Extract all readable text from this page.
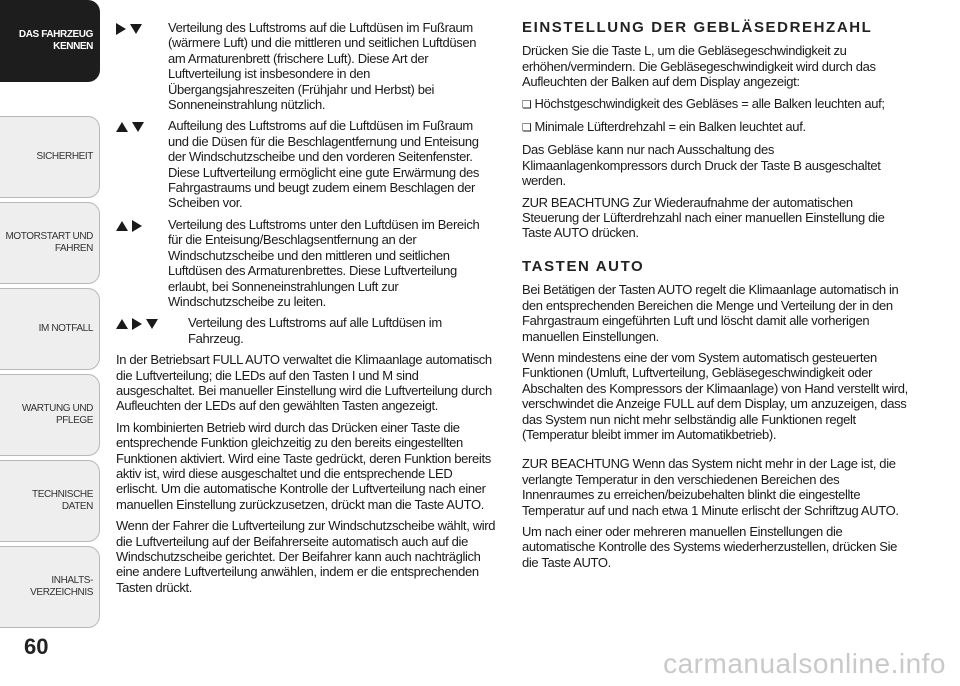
DAS FAHRZEUG KENNEN
SICHERHEIT
MOTORSTART UND FAHREN
IM NOTFALL
WARTUNG UND PFLEGE
TECHNISCHE DATEN
INHALTS-VERZEICHNIS
60
Verteilung des Luftstroms auf die Luftdüsen im Fußraum (wärmere Luft) und die mittleren und seitlichen Luftdüsen am Armaturenbrett (frischere Luft). Diese Art der Luftverteilung ist insbesondere in den Übergangsjahreszeiten (Frühjahr und Herbst) bei Sonneneinstrahlung nützlich.
Aufteilung des Luftstroms auf die Luftdüsen im Fußraum und die Düsen für die Beschlagentfernung und Enteisung der Windschutzscheibe und den vorderen Seitenfenster. Diese Luftverteilung ermöglicht eine gute Erwärmung des Fahrgastraums und beugt zudem einem Beschlagen der Scheiben vor.
Verteilung des Luftstroms unter den Luftdüsen im Bereich für die Enteisung/Beschlagsentfernung an der Windschutzscheibe und den mittleren und seitlichen Luftdüsen des Armaturenbrettes. Diese Luftverteilung erlaubt, bei Sonneneinstrahlungen Luft zur Windschutzscheibe zu leiten.
Verteilung des Luftstroms auf alle Luftdüsen im Fahrzeug.

In der Betriebsart FULL AUTO verwaltet die Klimaanlage automatisch die Luftverteilung; die LEDs auf den Tasten I und M sind ausgeschaltet. Bei manueller Einstellung wird die Luftverteilung durch Aufleuchten der LEDs auf den gewählten Tasten angezeigt.

Im kombinierten Betrieb wird durch das Drücken einer Taste die entsprechende Funktion gleichzeitig zu den bereits eingestellten Funktionen aktiviert. Wird eine Taste gedrückt, deren Funktion bereits aktiv ist, wird diese ausgeschaltet und die entsprechende LED erlischt. Um die automatische Kontrolle der Luftverteilung nach einer manuellen Einstellung zurückzusetzen, drückt man die Taste AUTO.

Wenn der Fahrer die Luftverteilung zur Windschutzscheibe wählt, wird die Luftverteilung auf der Beifahrerseite automatisch auch auf die Windschutzscheibe gerichtet. Der Beifahrer kann auch nachträglich eine andere Luftverteilung anwählen, indem er die entsprechenden Tasten drückt.

EINSTELLUNG DER GEBLÄSEDREHZAHL

Drücken Sie die Taste L, um die Gebläsegeschwindigkeit zu erhöhen/vermindern. Die Gebläsegeschwindigkeit wird durch das Aufleuchten der Balken auf dem Display angezeigt:

❏ Höchstgeschwindigkeit des Gebläses = alle Balken leuchten auf;

❏ Minimale Lüfterdrehzahl = ein Balken leuchtet auf.

Das Gebläse kann nur nach Ausschaltung des Klimaanlagenkompressors durch Druck der Taste B ausgeschaltet werden.

ZUR BEACHTUNG Zur Wiederaufnahme der automatischen Steuerung der Lüfterdrehzahl nach einer manuellen Einstellung die Taste AUTO drücken.

TASTEN AUTO

Bei Betätigen der Tasten AUTO regelt die Klimaanlage automatisch in den entsprechenden Bereichen die Menge und Verteilung der in den Fahrgastraum eingeführten Luft und löscht damit alle vorherigen manuellen Einstellungen.

Wenn mindestens eine der vom System automatisch gesteuerten Funktionen (Umluft, Luftverteilung, Gebläsegeschwindigkeit oder Abschalten des Kompressors der Klimaanlage) von Hand verstellt wird, verschwindet die Anzeige FULL auf dem Display, um anzuzeigen, dass das System nun nicht mehr selbständig alle Funktionen regelt (Temperatur bleibt immer im Automatikbetrieb).

ZUR BEACHTUNG Wenn das System nicht mehr in der Lage ist, die verlangte Temperatur in den verschiedenen Bereichen des Innenraumes zu erreichen/beizubehalten blinkt die eingestellte Temperatur auf und nach etwa 1 Minute erlischt der Schriftzug AUTO.

Um nach einer oder mehreren manuellen Einstellungen die automatische Kontrolle des Systems wiederherzustellen, drücken Sie die Taste AUTO.

carmanualsonline.info
